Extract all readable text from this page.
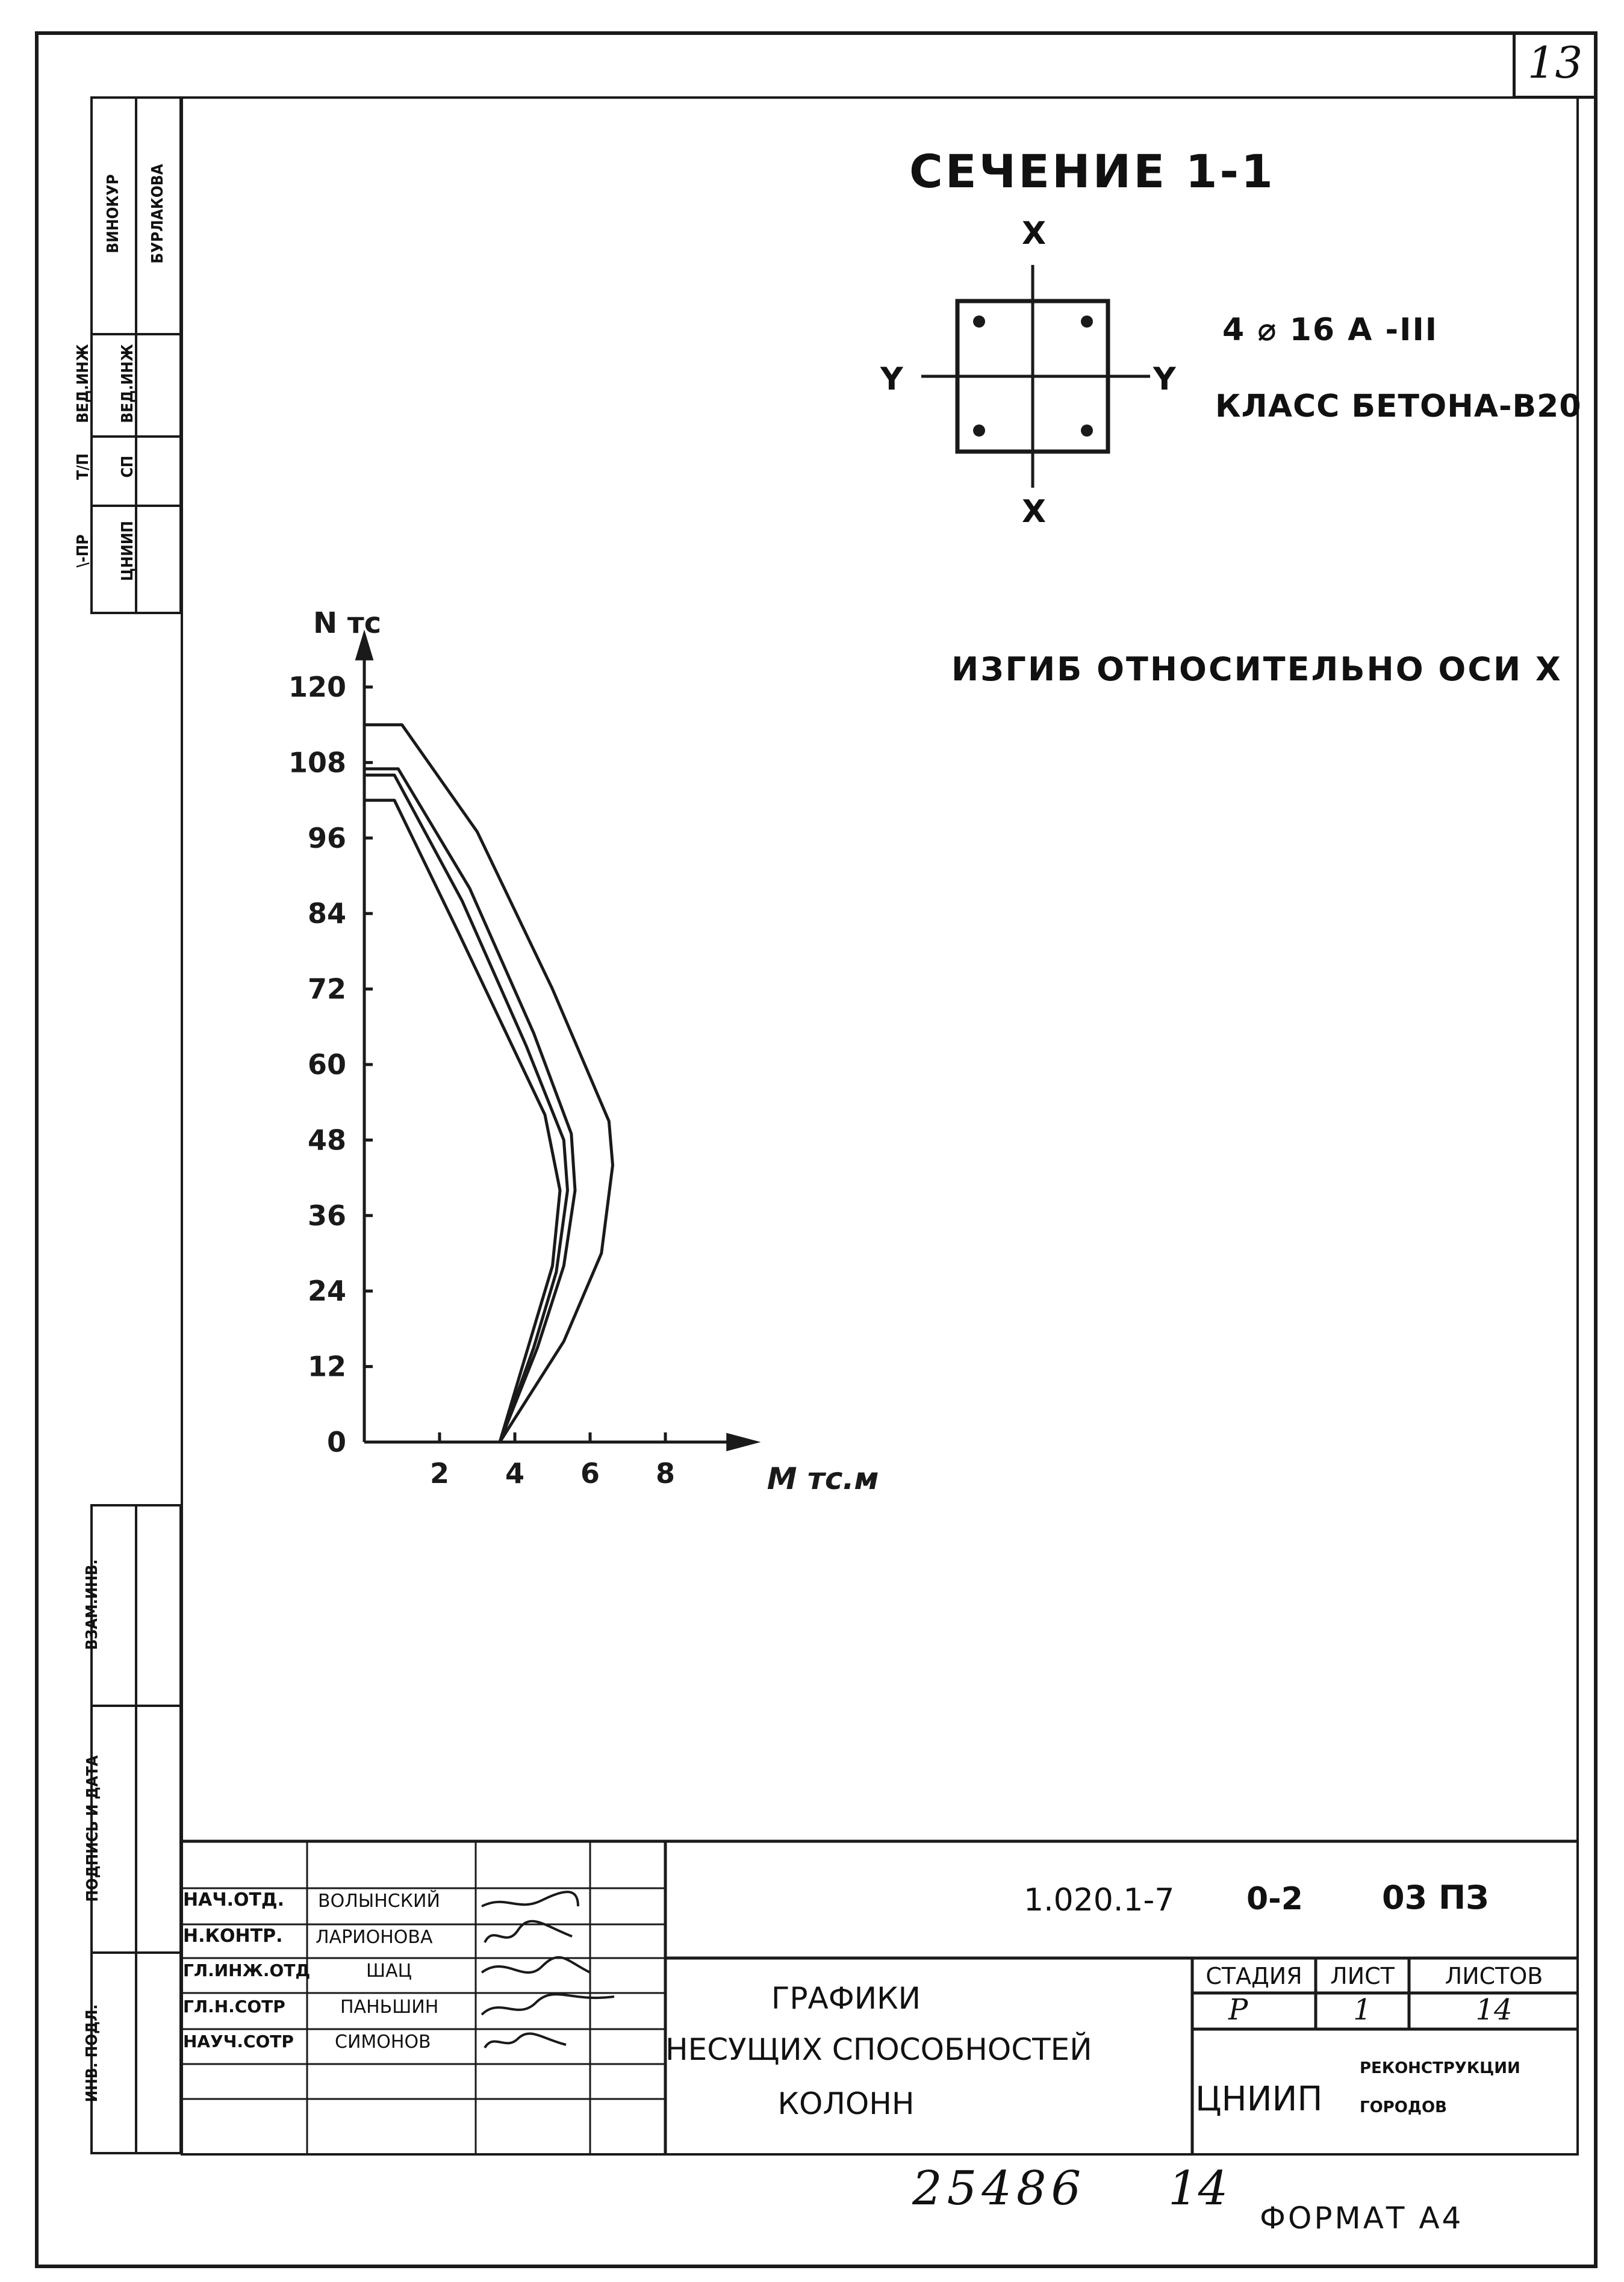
13
ВИНОКУР БУРЛАКОВА
ВЕД.ИНЖ ВЕД.ИНЖ
Т/П СП
\-ПР ЦНИИП
ВЗАМ.ИНВ.
ПОДПИСЬ И ДАТА
ИНВ. ПОДЛ.
СЕЧЕНИЕ 1-1
X
X
Y	Y
4 ⌀ 16 А -III
КЛАСС БЕТОНА-В20
ИЗГИБ ОТНОСИТЕЛЬНО ОСИ X
0
12
24
36
48
60
72
84
96
108
120
2 4 6 8
N тс
M тс.м
1.020.1-7 0-2 03 ПЗ
НАЧ.ОТД. ВОЛЫНСКИЙ
Н.КОНТР. ЛАРИОНОВА
ГЛ.ИНЖ.ОТД	ШАЦ
ГЛ.Н.СОТР	ПАНЬШИН
НАУЧ.СОТР СИМОНОВ
ГРАФИКИ
НЕСУЩИХ СПОСОБНОСТЕЙ
КОЛОНН
СТАДИЯ	ЛИСТ	ЛИСТОВ
Р	1	14
ЦНИИП
РЕКОНСТРУКЦИИ
ГОРОДОВ
25486 14
ФОРМАТ А4
